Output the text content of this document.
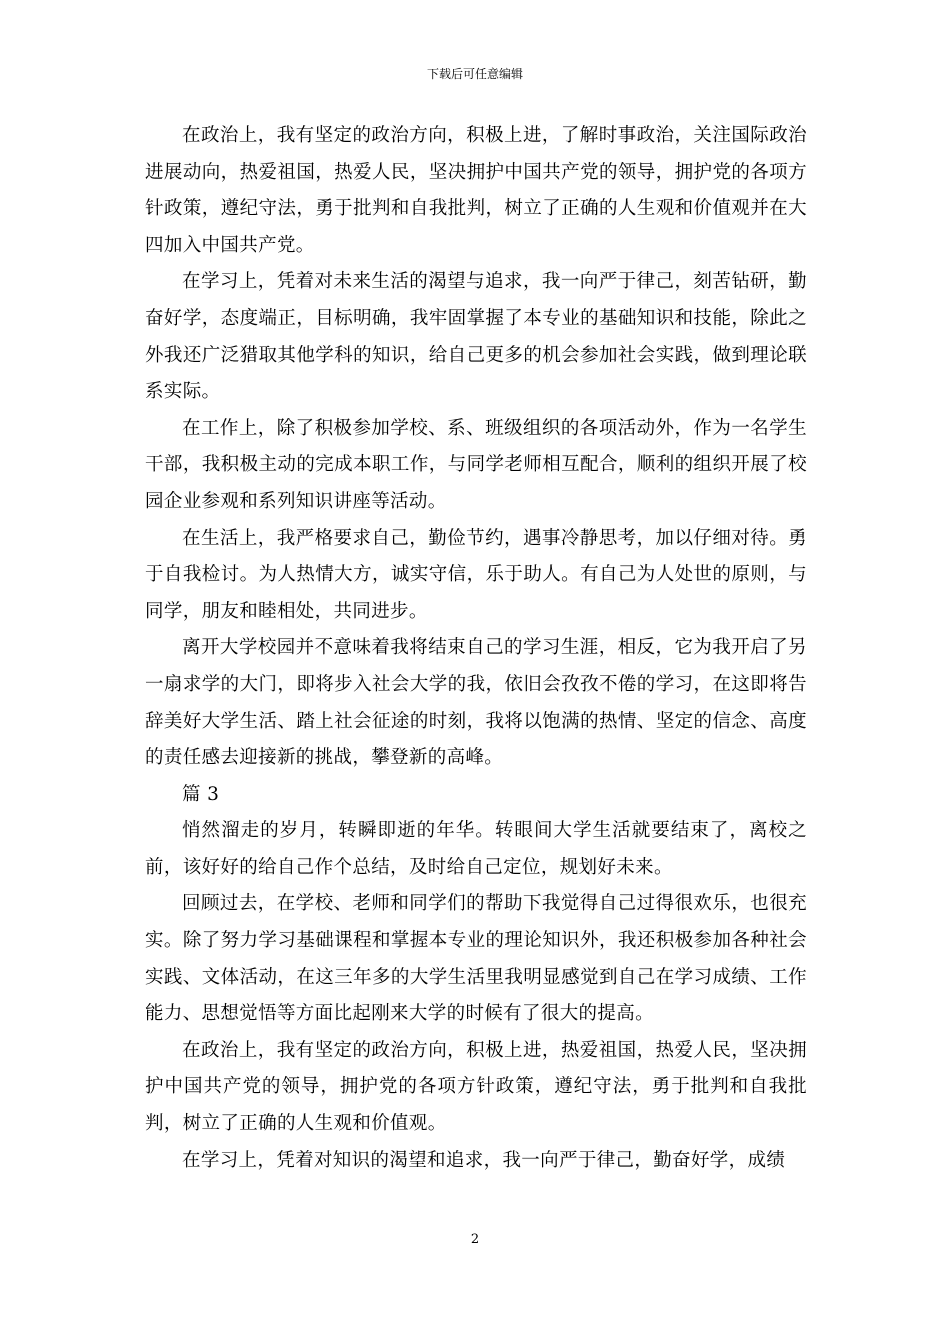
下载后可任意编辑

在政治上，我有坚定的政治方向，积极上进，了解时事政治，关注国际政治进展动向，热爱祖国，热爱人民，坚决拥护中国共产党的领导，拥护党的各项方针政策，遵纪守法，勇于批判和自我批判，树立了正确的人生观和价值观并在大四加入中国共产党。

在学习上，凭着对未来生活的渴望与追求，我一向严于律己，刻苦钻研，勤奋好学，态度端正，目标明确，我牢固掌握了本专业的基础知识和技能，除此之外我还广泛猎取其他学科的知识，给自己更多的机会参加社会实践，做到理论联系实际。

在工作上，除了积极参加学校、系、班级组织的各项活动外，作为一名学生干部，我积极主动的完成本职工作，与同学老师相互配合，顺利的组织开展了校园企业参观和系列知识讲座等活动。

在生活上，我严格要求自己，勤俭节约，遇事冷静思考，加以仔细对待。勇于自我检讨。为人热情大方，诚实守信，乐于助人。有自己为人处世的原则，与同学，朋友和睦相处，共同进步。

离开大学校园并不意味着我将结束自己的学习生涯，相反，它为我开启了另一扇求学的大门，即将步入社会大学的我，依旧会孜孜不倦的学习，在这即将告辞美好大学生活、踏上社会征途的时刻，我将以饱满的热情、坚定的信念、高度的责任感去迎接新的挑战，攀登新的高峰。

篇 3

悄然溜走的岁月，转瞬即逝的年华。转眼间大学生活就要结束了，离校之前，该好好的给自己作个总结，及时给自己定位，规划好未来。

回顾过去，在学校、老师和同学们的帮助下我觉得自己过得很欢乐，也很充实。除了努力学习基础课程和掌握本专业的理论知识外，我还积极参加各种社会实践、文体活动，在这三年多的大学生活里我明显感觉到自己在学习成绩、工作能力、思想觉悟等方面比起刚来大学的时候有了很大的提高。

在政治上，我有坚定的政治方向，积极上进，热爱祖国，热爱人民，坚决拥护中国共产党的领导，拥护党的各项方针政策，遵纪守法，勇于批判和自我批判，树立了正确的人生观和价值观。

在学习上，凭着对知识的渴望和追求，我一向严于律己，勤奋好学，成绩

2
